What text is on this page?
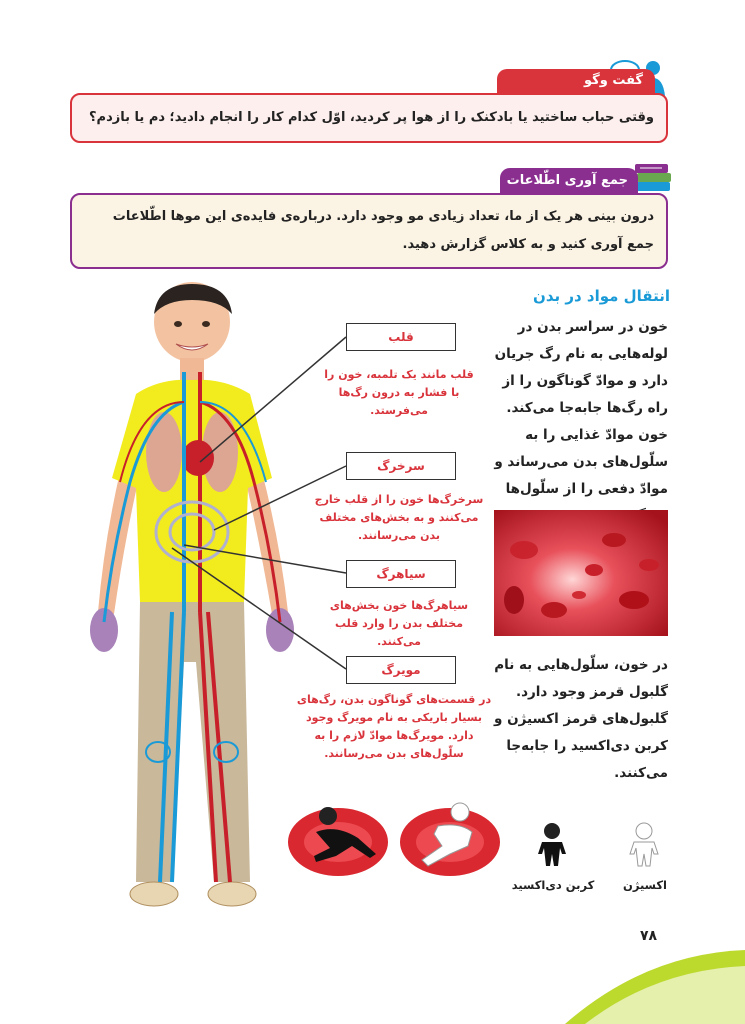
گفت وگو
وقتی حباب ساختید یا بادکنک را از هوا پر کردید، اوّل کدام کار را انجام دادید؛ دم یا بازدم؟
جمع آوری اطّلاعات
درون بینی هر یک از ما، تعداد زیادی مو وجود دارد. درباره‌ی فایده‌ی این موها اطّلاعات جمع آوری کنید و به کلاس گزارش دهید.
انتقال مواد در بدن
خون در سراسر بدن در لوله‌هایی به نام رگ جریان دارد و موادّ گوناگون را از راه رگ‌ها جابه‌جا می‌کند. خون موادّ غذایی را به سلّول‌های بدن می‌رساند و موادّ دفعی را از سلّول‌ها
در خون، سلّول‌هایی به نام گلبول قرمز وجود دارد. گلبول‌های قرمز اکسیژن و کربن دی‌اکسید را جابه‌جا می‌کنند.
قلب
قلب مانند یک تلمبه، خون را با فشار به درون رگ‌ها می‌فرستد.
سرخرگ
سرخرگ‌ها خون را از قلب خارج می‌کنند و به بخش‌های مختلف بدن می‌رسانند.
سیاهرگ
سیاهرگ‌ها خون بخش‌های مختلف بدن را وارد قلب می‌کنند.
مویرگ
در قسمت‌های گوناگون بدن، رگ‌های بسیار باریکی به نام مویرگ وجود دارد. مویرگ‌ها موادّ لازم را به سلّول‌های بدن می‌رسانند.
کربن دی‌اکسید	اکسیژن
۷۸
